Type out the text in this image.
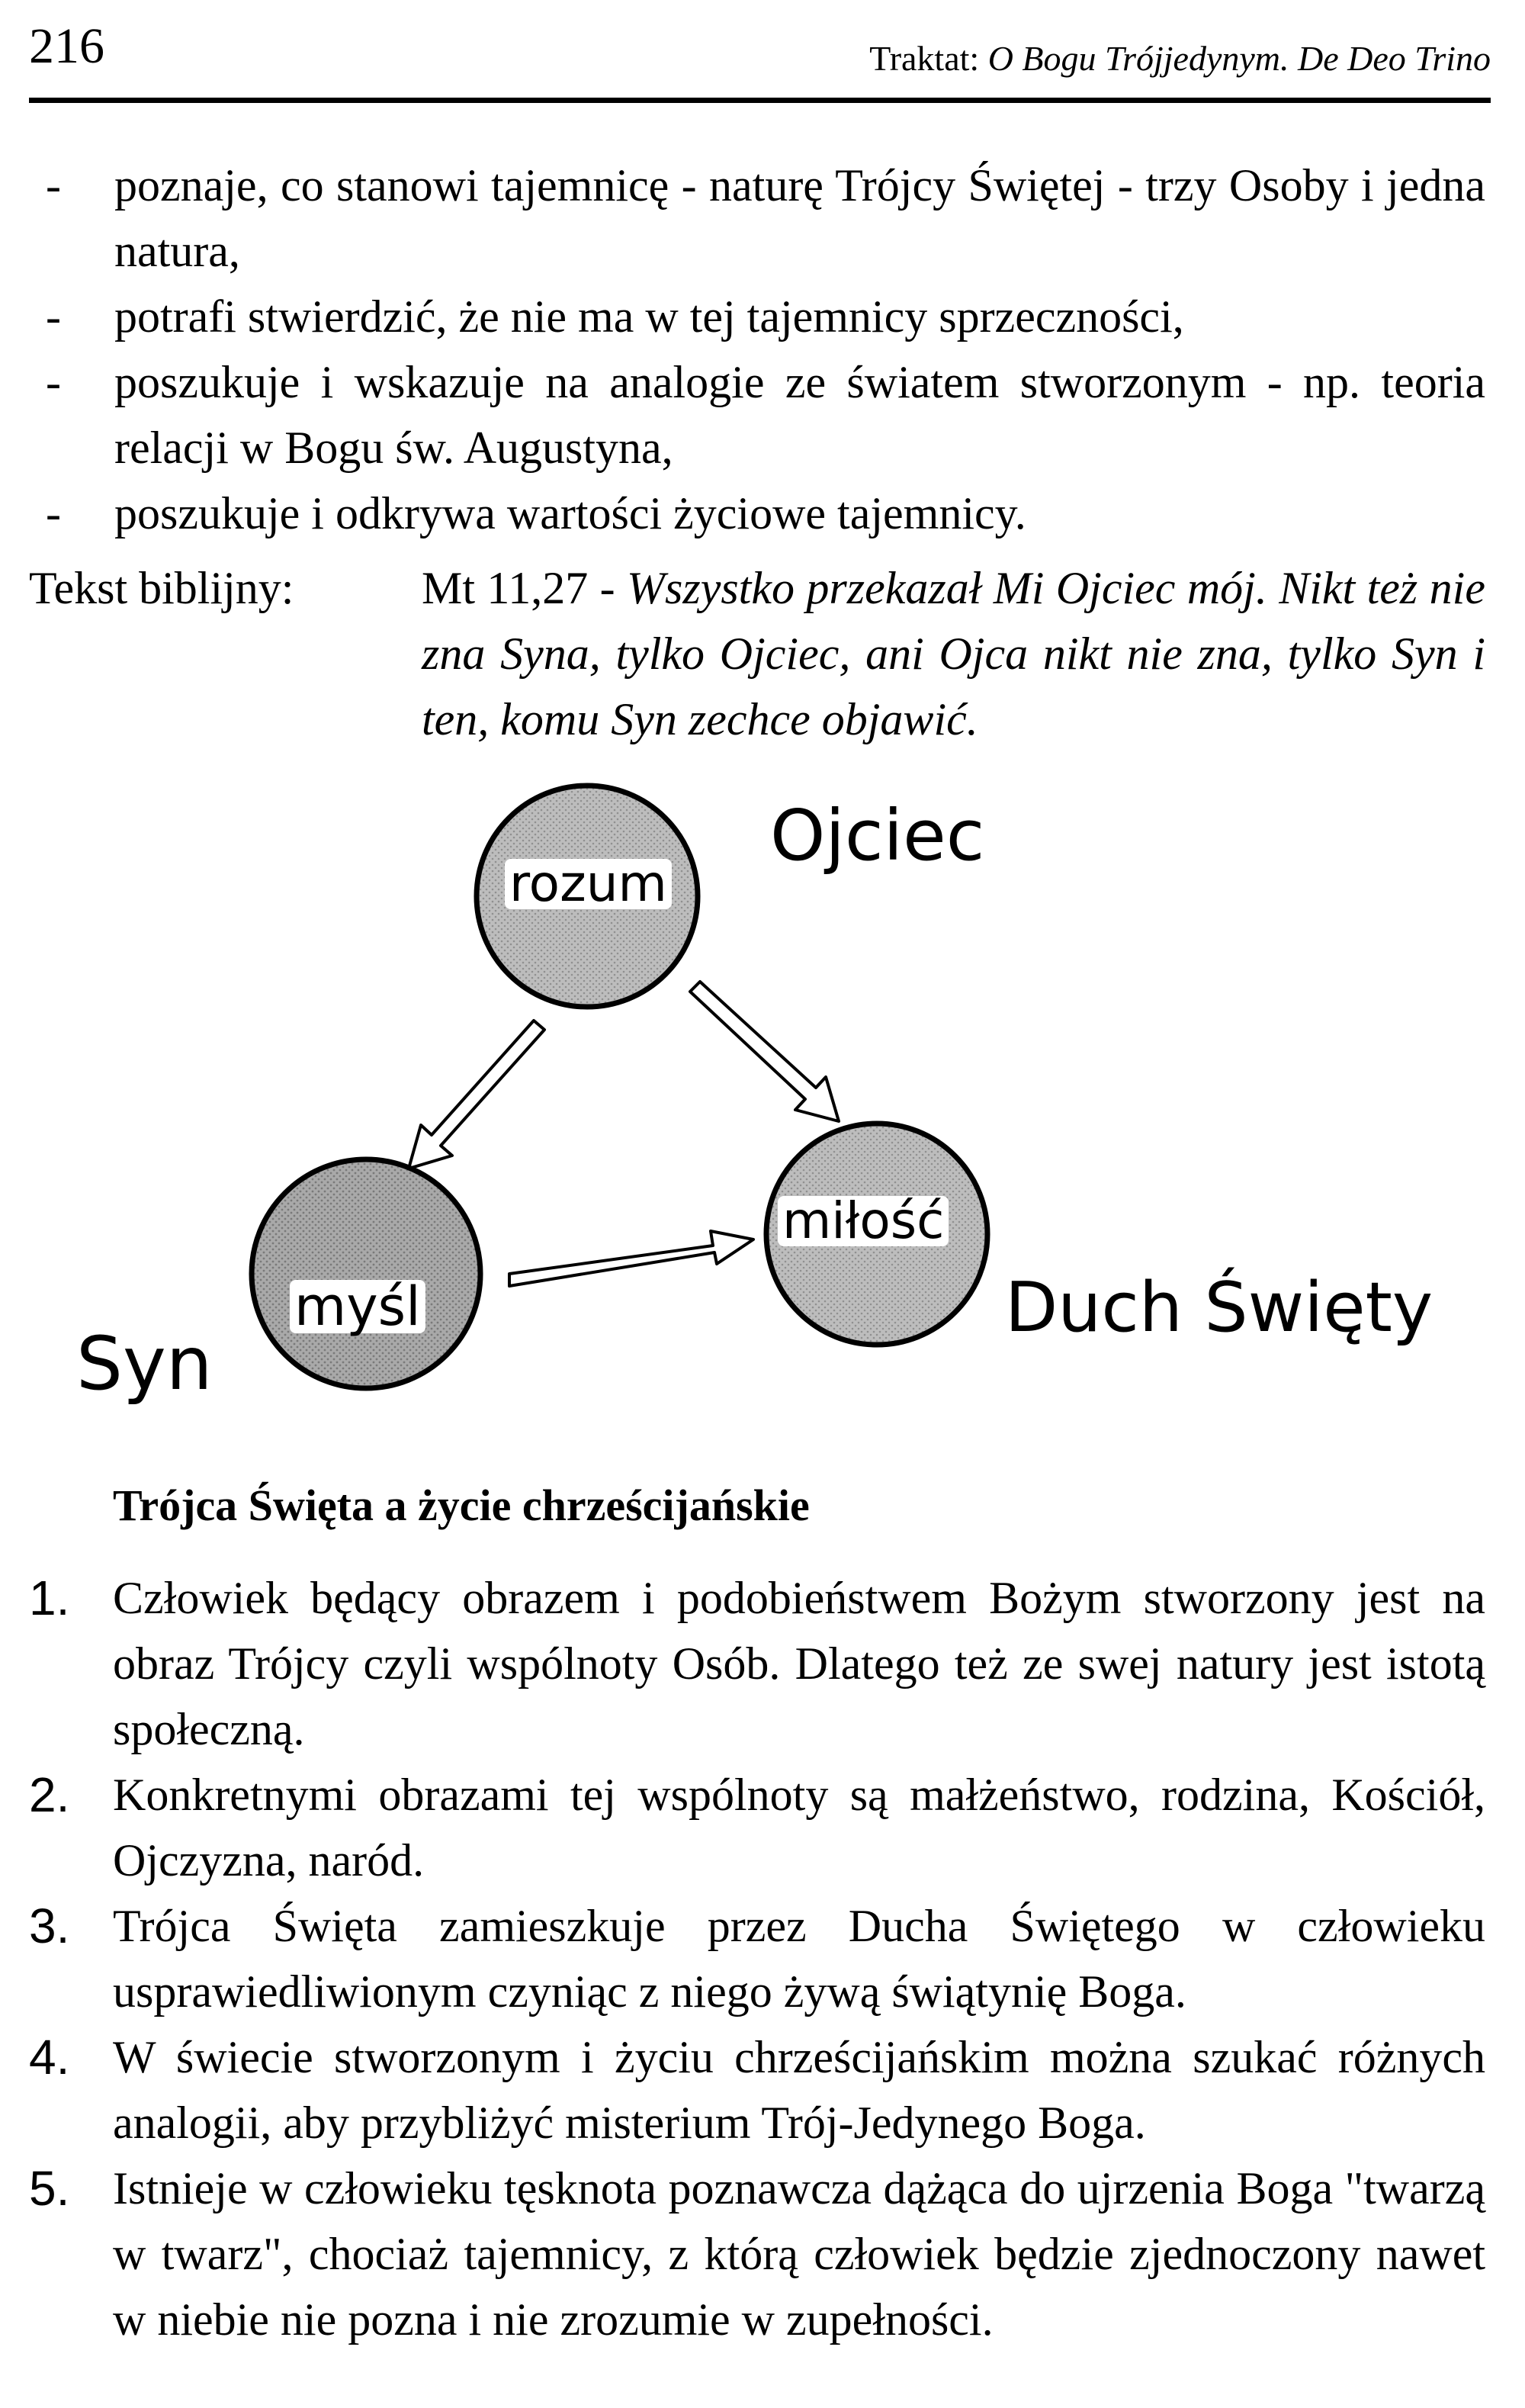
216	Traktat: O Bogu Trójjedynym. De Deo Trino
- poznaje, co stanowi tajemnicę - naturę Trójcy Świętej - trzy Osoby i jedna natura,
- potrafi stwierdzić, że nie ma w tej tajemnicy sprzeczności,
- poszukuje i wskazuje na analogie ze światem stworzonym - np. teoria relacji w Bogu św. Augustyna,
- poszukuje i odkrywa wartości życiowe tajemnicy.
Tekst biblijny:	Mt 11,27 - Wszystko przekazał Mi Ojciec mój. Nikt też nie zna Syna, tylko Ojciec, ani Ojca nikt nie zna, tylko Syn i ten, komu Syn zechce objawić.
rozum
myśl
miłość
Ojciec
Syn
Duch Święty
Trójca Święta a życie chrześcijańskie
1. Człowiek będący obrazem i podobieństwem Bożym stworzony jest na obraz Trójcy czyli wspólnoty Osób. Dlatego też ze swej natury jest istotą społeczną.
2. Konkretnymi obrazami tej wspólnoty są małżeństwo, rodzina, Kościół, Ojczyzna, naród.
3. Trójca Święta zamieszkuje przez Ducha Świętego w człowieku usprawiedliwionym czyniąc z niego żywą świątynię Boga.
4. W świecie stworzonym i życiu chrześcijańskim można szukać różnych analogii, aby przybliżyć misterium Trój-Jedynego Boga.
5. Istnieje w człowieku tęsknota poznawcza dążąca do ujrzenia Boga "twarzą w twarz", chociaż tajemnicy, z którą człowiek będzie zjednoczony nawet w niebie nie pozna i nie zrozumie w zupełności.
